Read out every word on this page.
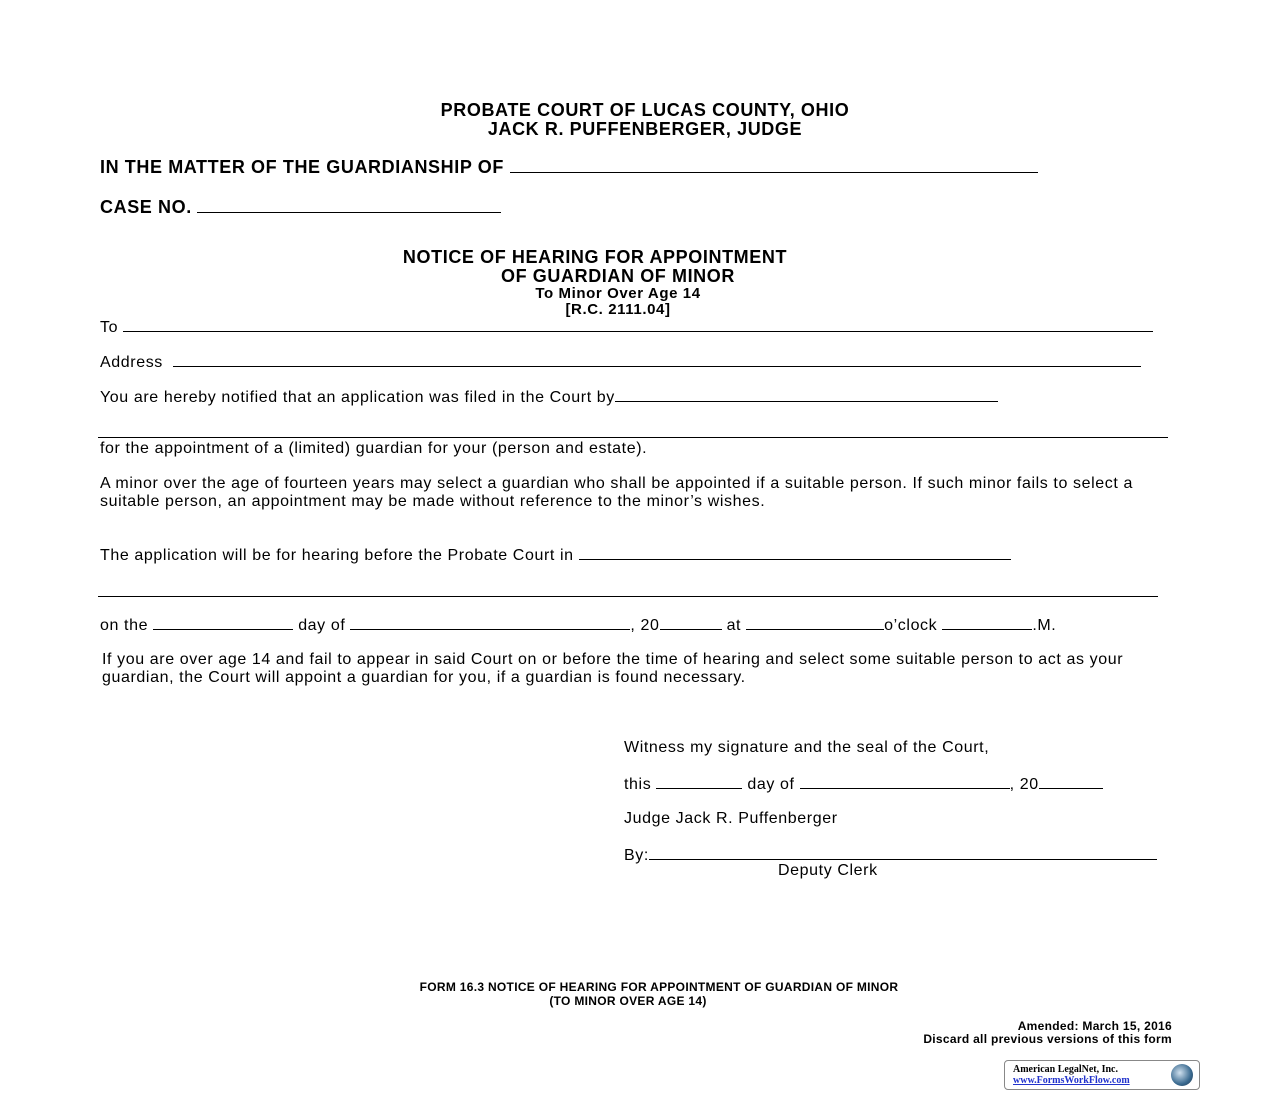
PROBATE COURT OF LUCAS COUNTY, OHIO
JACK R. PUFFENBERGER, JUDGE
IN THE MATTER OF THE GUARDIANSHIP OF
CASE NO.
NOTICE OF HEARING FOR APPOINTMENT
OF GUARDIAN OF MINOR
To Minor Over Age 14
[R.C. 2111.04]
To
Address
You are hereby notified that an application was filed in the Court by
for the appointment of a (limited) guardian for your (person and estate).
A minor over the age of fourteen years may select a guardian who shall be appointed if a suitable person. If such minor fails to select a suitable person, an appointment may be made without reference to the minor’s wishes.
The application will be for hearing before the Probate Court in
on the	day of	, 20	at	o’clock	.M.
If you are over age 14 and fail to appear in said Court on or before the time of hearing and select some suitable person to act as your guardian, the Court will appoint a guardian for you, if a guardian is found necessary.
Witness my signature and the seal of the Court,
this	day of	, 20
Judge Jack R. Puffenberger
By:
Deputy Clerk
FORM 16.3 NOTICE OF HEARING FOR APPOINTMENT OF GUARDIAN OF MINOR
(TO MINOR OVER AGE 14)
Amended: March 15, 2016
Discard all previous versions of this form
American LegalNet, Inc.
www.FormsWorkFlow.com
